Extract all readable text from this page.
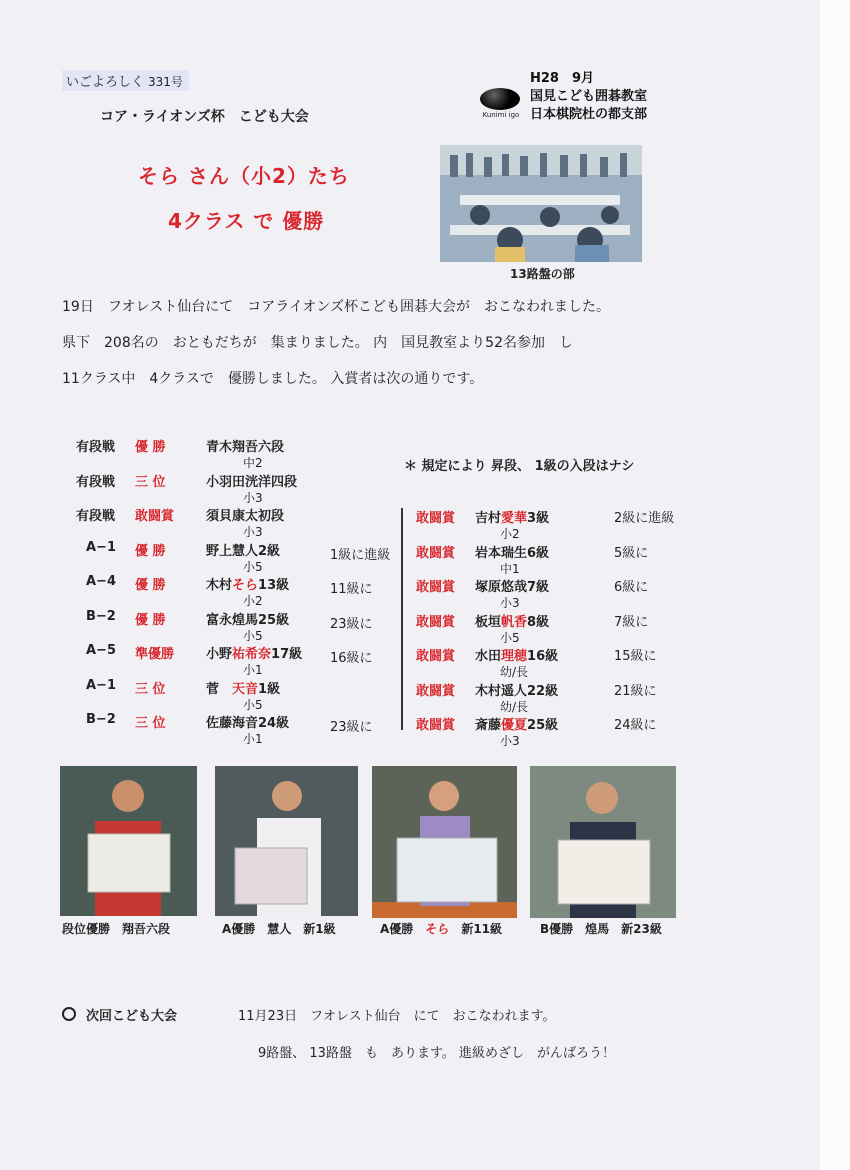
いごよろしく 331号
コア・ライオンズ杯　こども大会	Kunimi igo
H28　9月
国見こども囲碁教室
日本棋院杜の都支部
そら さん（小2）たち
4クラス で 優勝
13路盤の部
19日　フオレスト仙台にて　コアライオンズ杯こども囲碁大会が　おこなわれました。
県下　208名の　おともだちが　集まりました。 内　国見教室より52名参加　し
11クラス中　4クラスで　優勝しました。 入賞者は次の通りです。
＊ 規定により 昇段、 1級の入段はナシ
有段戦 優 勝	青木翔吾六段
中2
有段戦 三 位	小羽田洸洋四段
小3
有段戦 敢闘賞 須貝康太初段
小3
A−1 優 勝	野上慧人2級
小5
1級に進級
A−4 優 勝	木村そら13級
小2
11級に
B−2 優 勝	富永煌馬25級
小5
23級に
A−5 準優勝 小野祐希奈17級
小1
16級に
A−1 三 位	菅　天音1級
小5
B−2 三 位	佐藤海音24級
小1
23級に
敢闘賞 吉村愛華3級
小2
2級に進級
敢闘賞 岩本瑞生6級
中1
5級に
敢闘賞 塚原悠哉7級
小3
6級に
敢闘賞 板垣帆香8級
小5
7級に
敢闘賞 水田理穂16級
幼/長
15級に
敢闘賞 木村遥人22級
幼/長
21級に
敢闘賞 斎藤優夏25級
小3
24級に
段位優勝　翔吾六段	A優勝　慧人　新1級	A優勝　そら　新11級	B優勝　煌馬　新23級
次回こども大会	11月23日　フオレスト仙台　にて　おこなわれます。
9路盤、 13路盤　も　あります。 進級めざし　がんばろう！
